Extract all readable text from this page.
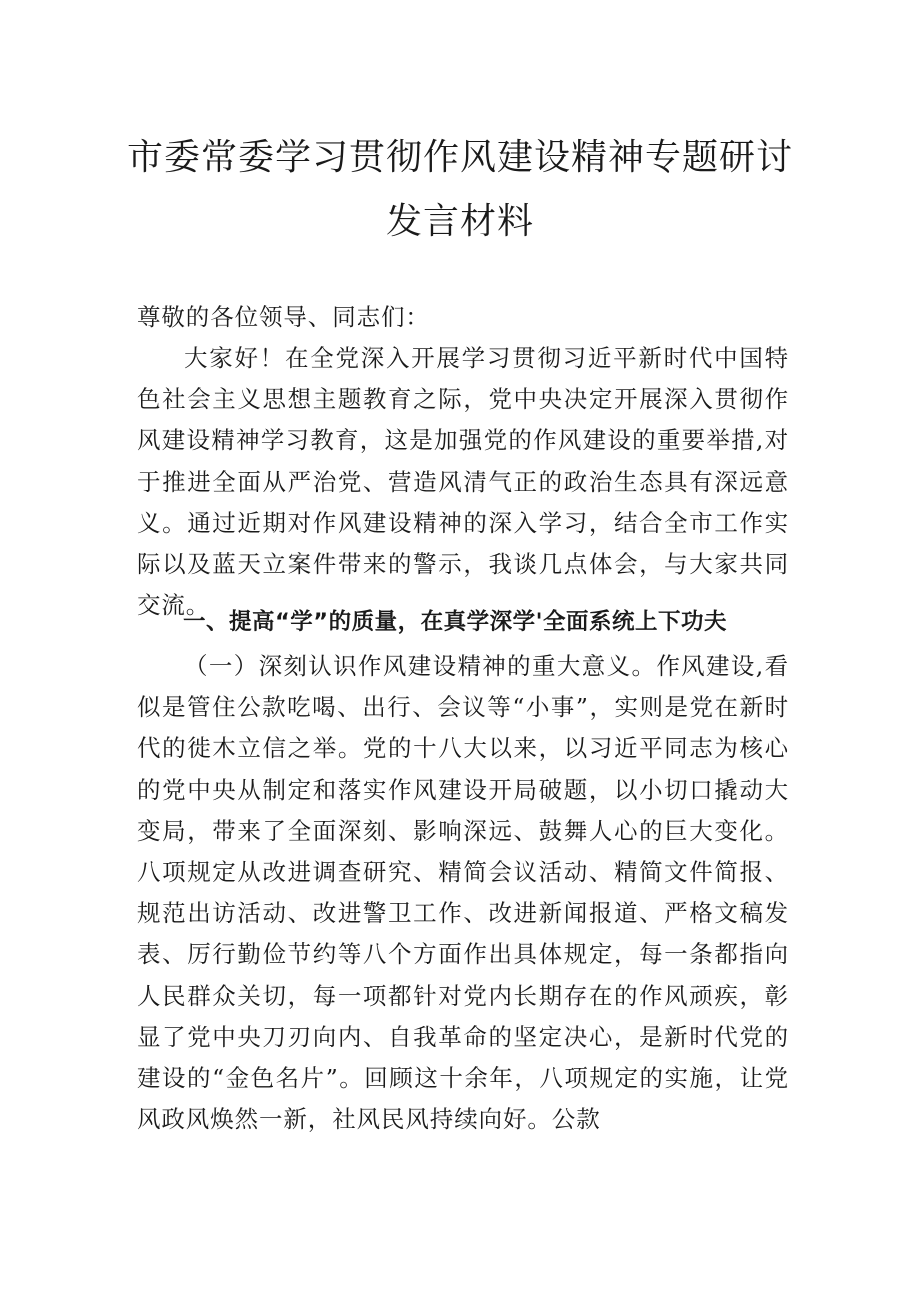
市委常委学习贯彻作风建设精神专题研讨
发言材料

尊敬的各位领导、同志们：

大家好！在全党深入开展学习贯彻习近平新时代中国特色社会主义思想主题教育之际，党中央决定开展深入贯彻作风建设精神学习教育，这是加强党的作风建设的重要举措,对于推进全面从严治党、营造风清气正的政治生态具有深远意义。通过近期对作风建设精神的深入学习，结合全市工作实际以及蓝天立案件带来的警示，我谈几点体会，与大家共同交流。

一、提高“学”的质量，在真学深学'全面系统上下功夫

（一）深刻认识作风建设精神的重大意义。作风建设,看似是管住公款吃喝、出行、会议等“小事”，实则是党在新时代的徙木立信之举。党的十八大以来，以习近平同志为核心的党中央从制定和落实作风建设开局破题，以小切口撬动大变局，带来了全面深刻、影响深远、鼓舞人心的巨大变化。八项规定从改进调查研究、精简会议活动、精简文件简报、规范出访活动、改进警卫工作、改进新闻报道、严格文稿发表、厉行勤俭节约等八个方面作出具体规定，每一条都指向人民群众关切，每一项都针对党内长期存在的作风顽疾，彰显了党中央刀刃向内、自我革命的坚定决心，是新时代党的建设的“金色名片”。回顾这十余年，八项规定的实施，让党风政风焕然一新，社风民风持续向好。公款
